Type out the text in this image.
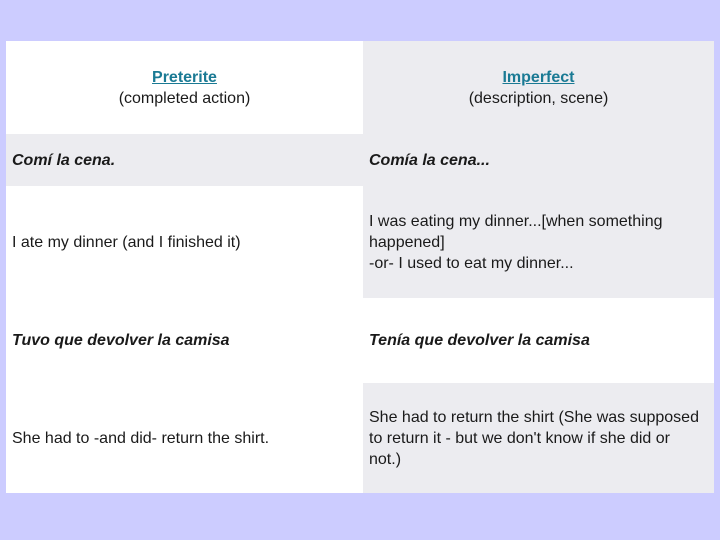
Preterite
(completed action)
Imperfect
(description, scene)
Comí la cena.	Comía la cena...
I ate my dinner (and I finished it)
I was eating my dinner...[when something happened]
-or- I used to eat my dinner...
Tuvo que devolver la camisa	Tenía que devolver la camisa
She had to -and did- return the shirt.
She had to return the shirt (She was supposed to return it - but we don't know if she did or not.)
